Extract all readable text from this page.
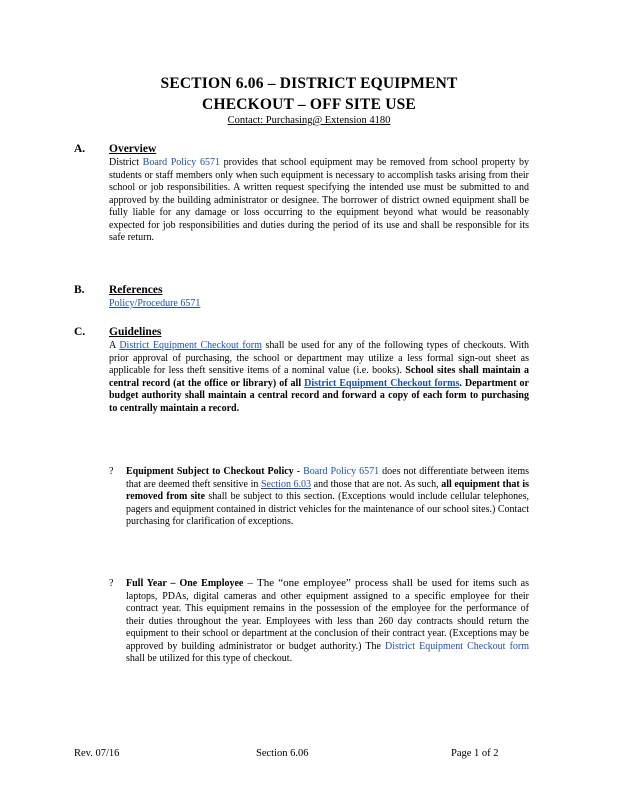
SECTION 6.06 – DISTRICT EQUIPMENT
CHECKOUT – OFF SITE USE
Contact: Purchasing@ Extension 4180
A. Overview
District Board Policy 6571 provides that school equipment may be removed from school property by students or staff members only when such equipment is necessary to accomplish tasks arising from their school or job responsibilities. A written request specifying the intended use must be submitted to and approved by the building administrator or designee. The borrower of district owned equipment shall be fully liable for any damage or loss occurring to the equipment beyond what would be reasonably expected for job responsibilities and duties during the period of its use and shall be responsible for its safe return.
B. References
Policy/Procedure 6571
C. Guidelines
A District Equipment Checkout form shall be used for any of the following types of checkouts. With prior approval of purchasing, the school or department may utilize a less formal sign-out sheet as applicable for less theft sensitive items of a nominal value (i.e. books). School sites shall maintain a central record (at the office or library) of all District Equipment Checkout forms. Department or budget authority shall maintain a central record and forward a copy of each form to purchasing to centrally maintain a record.
? Equipment Subject to Checkout Policy - Board Policy 6571 does not differentiate between items that are deemed theft sensitive in Section 6.03 and those that are not. As such, all equipment that is removed from site shall be subject to this section. (Exceptions would include cellular telephones, pagers and equipment contained in district vehicles for the maintenance of our school sites.) Contact purchasing for clarification of exceptions.
? Full Year – One Employee – The “one employee” process shall be used for items such as laptops, PDAs, digital cameras and other equipment assigned to a specific employee for their contract year. This equipment remains in the possession of the employee for the performance of their duties throughout the year. Employees with less than 260 day contracts should return the equipment to their school or department at the conclusion of their contract year. (Exceptions may be approved by building administrator or budget authority.) The District Equipment Checkout form shall be utilized for this type of checkout.
Rev. 07/16	Section 6.06	Page 1 of 2
